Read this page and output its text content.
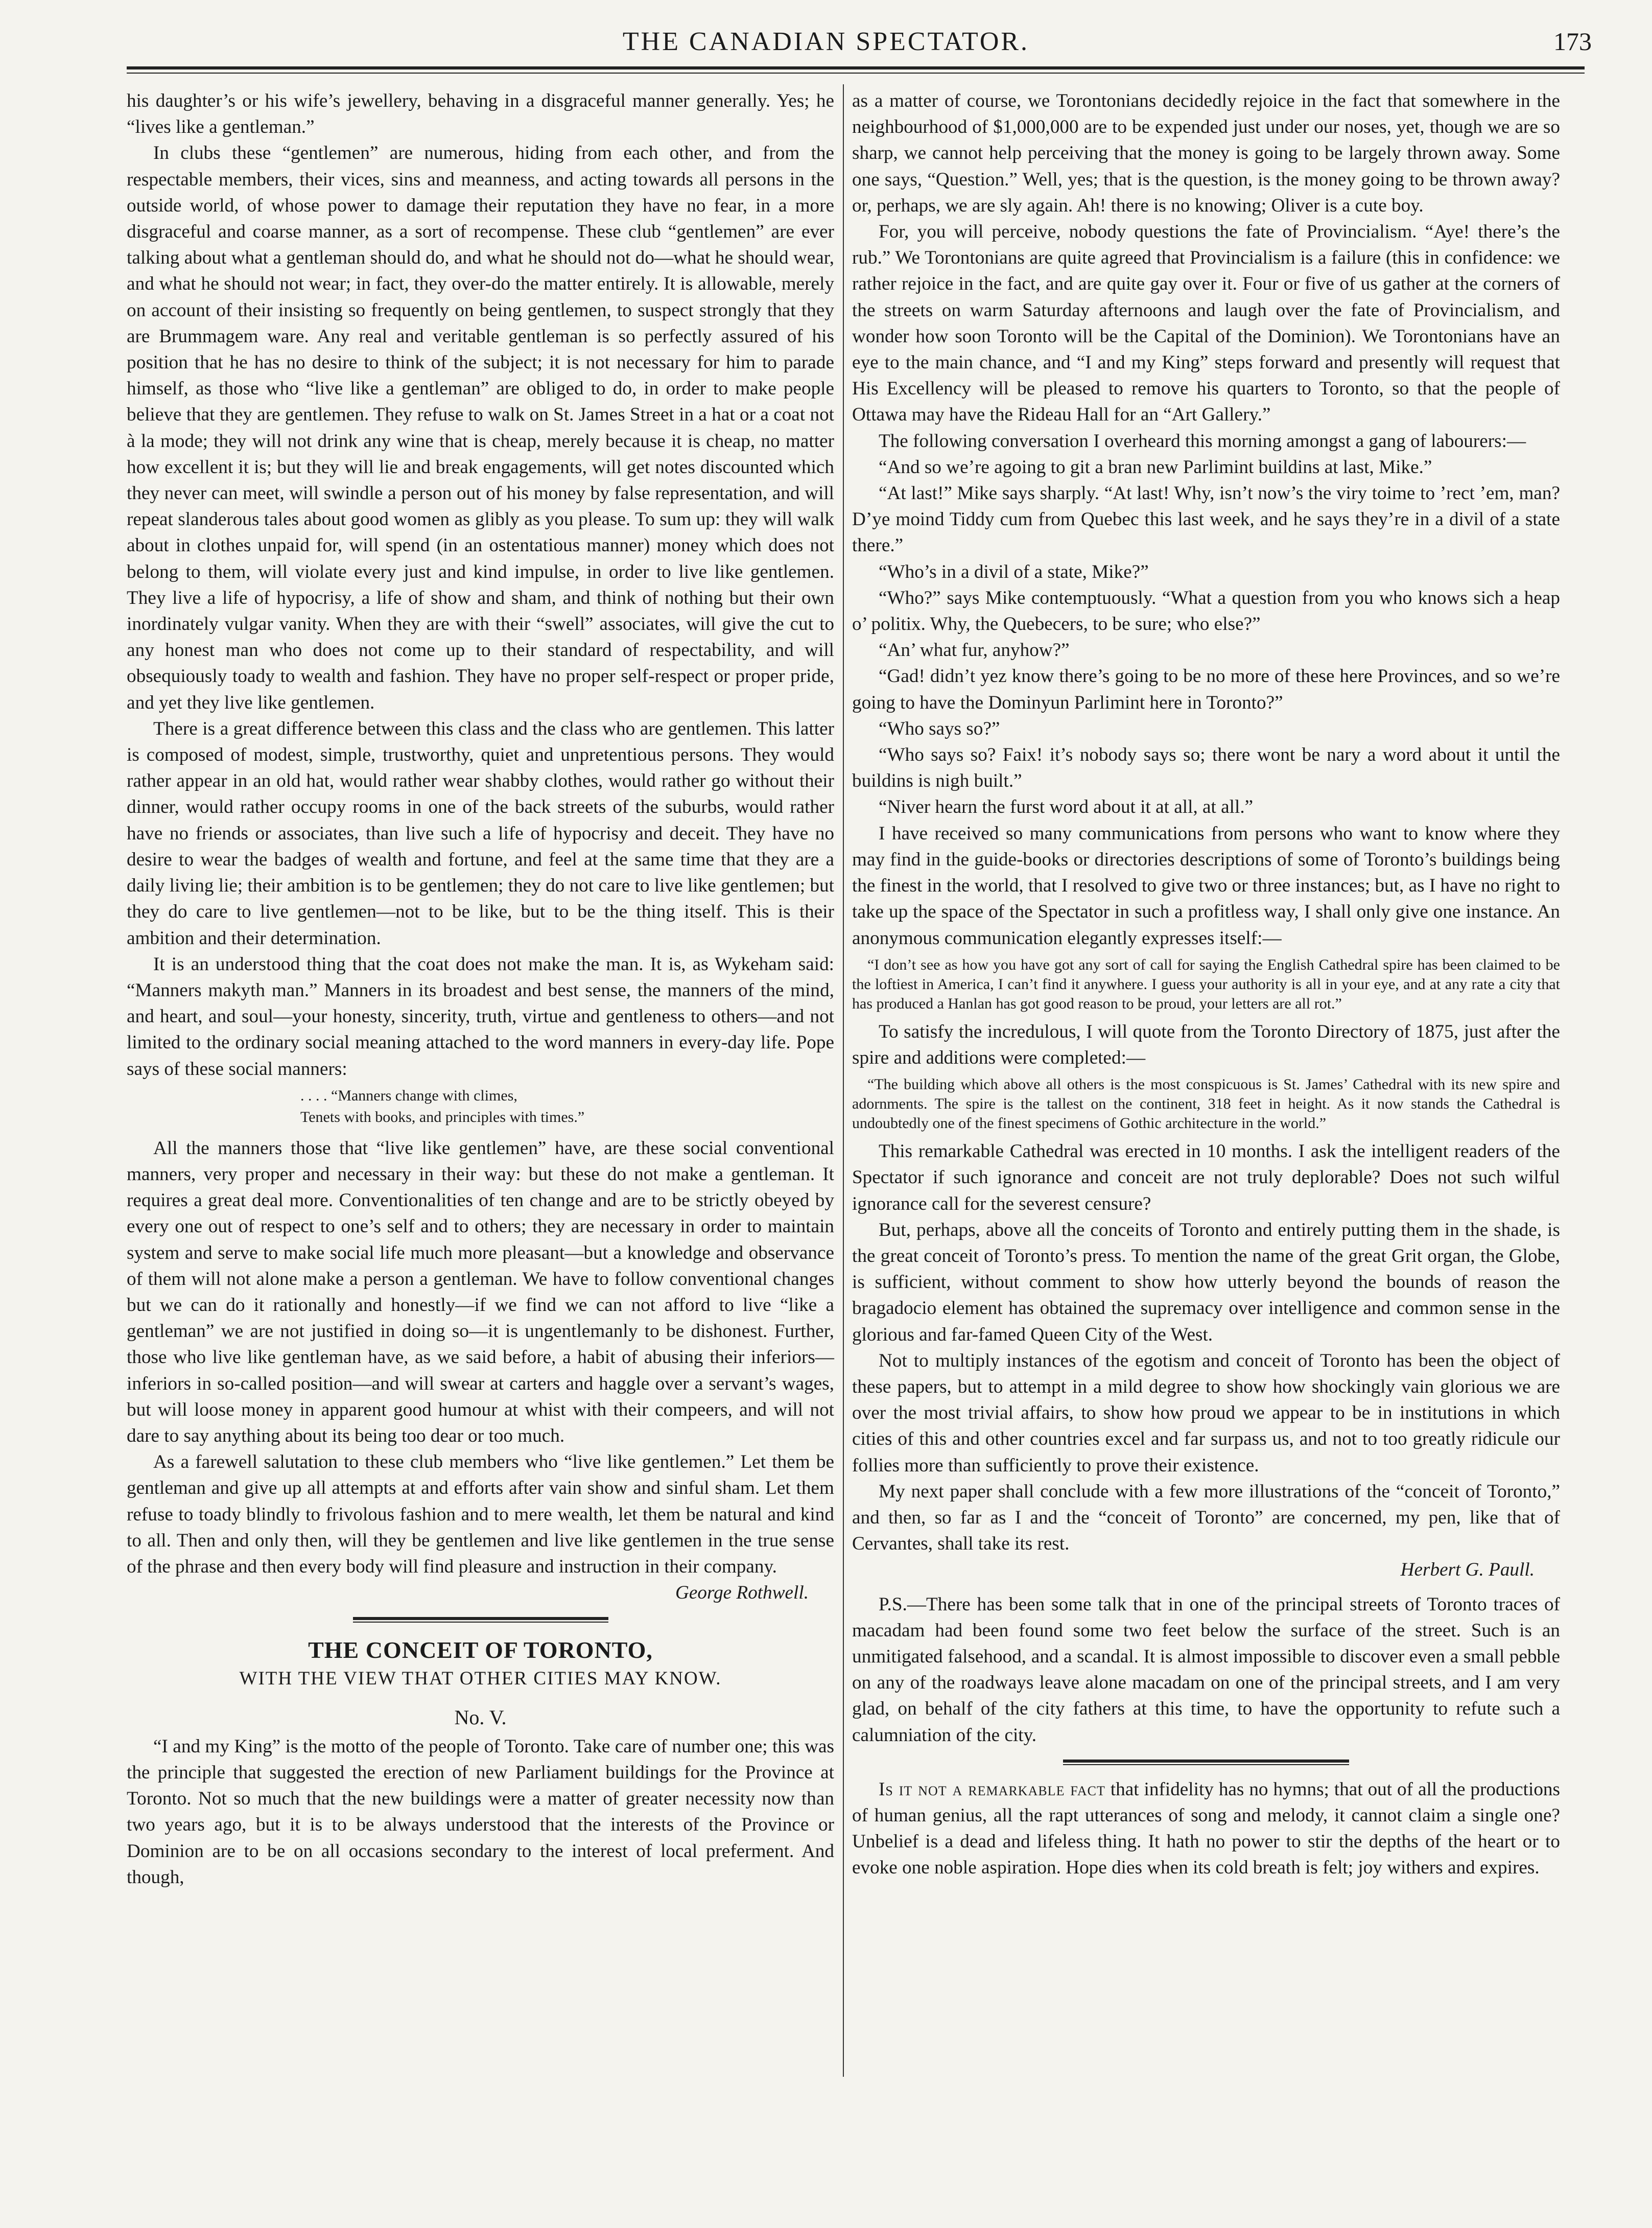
THE CANADIAN SPECTATOR.	173

his daughter’s or his wife’s jewellery, behaving in a disgraceful manner generally. Yes; he “lives like a gentleman.”

In clubs these “gentlemen” are numerous, hiding from each other, and from the respectable members, their vices, sins and meanness, and acting towards all persons in the outside world, of whose power to damage their reputation they have no fear, in a more disgraceful and coarse manner, as a sort of recompense. These club “gentlemen” are ever talking about what a gentleman should do, and what he should not do—what he should wear, and what he should not wear; in fact, they over-do the matter entirely. It is allowable, merely on account of their insisting so frequently on being gentlemen, to suspect strongly that they are Brummagem ware. Any real and veritable gentleman is so perfectly assured of his position that he has no desire to think of the subject; it is not necessary for him to parade himself, as those who “live like a gentleman” are obliged to do, in order to make people believe that they are gentlemen. They refuse to walk on St. James Street in a hat or a coat not à la mode; they will not drink any wine that is cheap, merely because it is cheap, no matter how excellent it is; but they will lie and break engagements, will get notes discounted which they never can meet, will swindle a person out of his money by false representation, and will repeat slanderous tales about good women as glibly as you please. To sum up: they will walk about in clothes unpaid for, will spend (in an ostentatious manner) money which does not belong to them, will violate every just and kind impulse, in order to live like gentlemen. They live a life of hypocrisy, a life of show and sham, and think of nothing but their own inordinately vulgar vanity. When they are with their “swell” associates, will give the cut to any honest man who does not come up to their standard of respectability, and will obsequiously toady to wealth and fashion. They have no proper self-respect or proper pride, and yet they live like gentlemen.

There is a great difference between this class and the class who are gentlemen. This latter is composed of modest, simple, trustworthy, quiet and unpretentious persons. They would rather appear in an old hat, would rather wear shabby clothes, would rather go without their dinner, would rather occupy rooms in one of the back streets of the suburbs, would rather have no friends or associates, than live such a life of hypocrisy and deceit. They have no desire to wear the badges of wealth and fortune, and feel at the same time that they are a daily living lie; their ambition is to be gentlemen; they do not care to live like gentlemen; but they do care to live gentlemen—not to be like, but to be the thing itself. This is their ambition and their determination.

It is an understood thing that the coat does not make the man. It is, as Wykeham said: “Manners makyth man.” Manners in its broadest and best sense, the manners of the mind, and heart, and soul—your honesty, sincerity, truth, virtue and gentleness to others—and not limited to the ordinary social meaning attached to the word manners in every-day life. Pope says of these social manners:

. . . . “Manners change with climes,
Tenets with books, and principles with times.”

All the manners those that “live like gentlemen” have, are these social conventional manners, very proper and necessary in their way: but these do not make a gentleman. It requires a great deal more. Conventionalities of ten change and are to be strictly obeyed by every one out of respect to one’s self and to others; they are necessary in order to maintain system and serve to make social life much more pleasant—but a knowledge and observance of them will not alone make a person a gentleman. We have to follow conventional changes but we can do it rationally and honestly—if we find we can not afford to live “like a gentleman” we are not justified in doing so—it is ungentlemanly to be dishonest. Further, those who live like gentleman have, as we said before, a habit of abusing their inferiors—inferiors in so-called position—and will swear at carters and haggle over a servant’s wages, but will loose money in apparent good humour at whist with their compeers, and will not dare to say anything about its being too dear or too much.

As a farewell salutation to these club members who “live like gentlemen.” Let them be gentleman and give up all attempts at and efforts after vain show and sinful sham. Let them refuse to toady blindly to frivolous fashion and to mere wealth, let them be natural and kind to all. Then and only then, will they be gentlemen and live like gentlemen in the true sense of the phrase and then every body will find pleasure and instruction in their company.

George Rothwell.
THE CONCEIT OF TORONTO,
WITH THE VIEW THAT OTHER CITIES MAY KNOW.
No. V.

“I and my King” is the motto of the people of Toronto. Take care of number one; this was the principle that suggested the erection of new Parliament buildings for the Province at Toronto. Not so much that the new buildings were a matter of greater necessity now than two years ago, but it is to be always understood that the interests of the Province or Dominion are to be on all occasions secondary to the interest of local preferment. And though,

as a matter of course, we Torontonians decidedly rejoice in the fact that somewhere in the neighbourhood of $1,000,000 are to be expended just under our noses, yet, though we are so sharp, we cannot help perceiving that the money is going to be largely thrown away. Some one says, “Question.” Well, yes; that is the question, is the money going to be thrown away? or, perhaps, we are sly again. Ah! there is no knowing; Oliver is a cute boy.

For, you will perceive, nobody questions the fate of Provincialism. “Aye! there’s the rub.” We Torontonians are quite agreed that Provincialism is a failure (this in confidence: we rather rejoice in the fact, and are quite gay over it. Four or five of us gather at the corners of the streets on warm Saturday afternoons and laugh over the fate of Provincialism, and wonder how soon Toronto will be the Capital of the Dominion). We Torontonians have an eye to the main chance, and “I and my King” steps forward and presently will request that His Excellency will be pleased to remove his quarters to Toronto, so that the people of Ottawa may have the Rideau Hall for an “Art Gallery.”

The following conversation I overheard this morning amongst a gang of labourers:—

“And so we’re agoing to git a bran new Parlimint buildins at last, Mike.”

“At last!” Mike says sharply. “At last! Why, isn’t now’s the viry toime to ’rect ’em, man? D’ye moind Tiddy cum from Quebec this last week, and he says they’re in a divil of a state there.”

“Who’s in a divil of a state, Mike?”

“Who?” says Mike contemptuously. “What a question from you who knows sich a heap o’ politix. Why, the Quebecers, to be sure; who else?”

“An’ what fur, anyhow?”

“Gad! didn’t yez know there’s going to be no more of these here Provinces, and so we’re going to have the Dominyun Parlimint here in Toronto?”

“Who says so?”

“Who says so? Faix! it’s nobody says so; there wont be nary a word about it until the buildins is nigh built.”

“Niver hearn the furst word about it at all, at all.”

I have received so many communications from persons who want to know where they may find in the guide-books or directories descriptions of some of Toronto’s buildings being the finest in the world, that I resolved to give two or three instances; but, as I have no right to take up the space of the Spectator in such a profitless way, I shall only give one instance. An anonymous communication elegantly expresses itself:—

“I don’t see as how you have got any sort of call for saying the English Cathedral spire has been claimed to be the loftiest in America, I can’t find it anywhere. I guess your authority is all in your eye, and at any rate a city that has produced a Hanlan has got good reason to be proud, your letters are all rot.”

To satisfy the incredulous, I will quote from the Toronto Directory of 1875, just after the spire and additions were completed:—

“The building which above all others is the most conspicuous is St. James’ Cathedral with its new spire and adornments. The spire is the tallest on the continent, 318 feet in height. As it now stands the Cathedral is undoubtedly one of the finest specimens of Gothic architecture in the world.”

This remarkable Cathedral was erected in 10 months. I ask the intelligent readers of the Spectator if such ignorance and conceit are not truly deplorable? Does not such wilful ignorance call for the severest censure?

But, perhaps, above all the conceits of Toronto and entirely putting them in the shade, is the great conceit of Toronto’s press. To mention the name of the great Grit organ, the Globe, is sufficient, without comment to show how utterly beyond the bounds of reason the bragadocio element has obtained the supremacy over intelligence and common sense in the glorious and far-famed Queen City of the West.

Not to multiply instances of the egotism and conceit of Toronto has been the object of these papers, but to attempt in a mild degree to show how shockingly vain glorious we are over the most trivial affairs, to show how proud we appear to be in institutions in which cities of this and other countries excel and far surpass us, and not to too greatly ridicule our follies more than sufficiently to prove their existence.

My next paper shall conclude with a few more illustrations of the “conceit of Toronto,” and then, so far as I and the “conceit of Toronto” are concerned, my pen, like that of Cervantes, shall take its rest.

Herbert G. Paull.

P.S.—There has been some talk that in one of the principal streets of Toronto traces of macadam had been found some two feet below the surface of the street. Such is an unmitigated falsehood, and a scandal. It is almost impossible to discover even a small pebble on any of the roadways leave alone macadam on one of the principal streets, and I am very glad, on behalf of the city fathers at this time, to have the opportunity to refute such a calumniation of the city.

Is it not a remarkable fact that infidelity has no hymns; that out of all the productions of human genius, all the rapt utterances of song and melody, it cannot claim a single one? Unbelief is a dead and lifeless thing. It hath no power to stir the depths of the heart or to evoke one noble aspiration. Hope dies when its cold breath is felt; joy withers and expires.
